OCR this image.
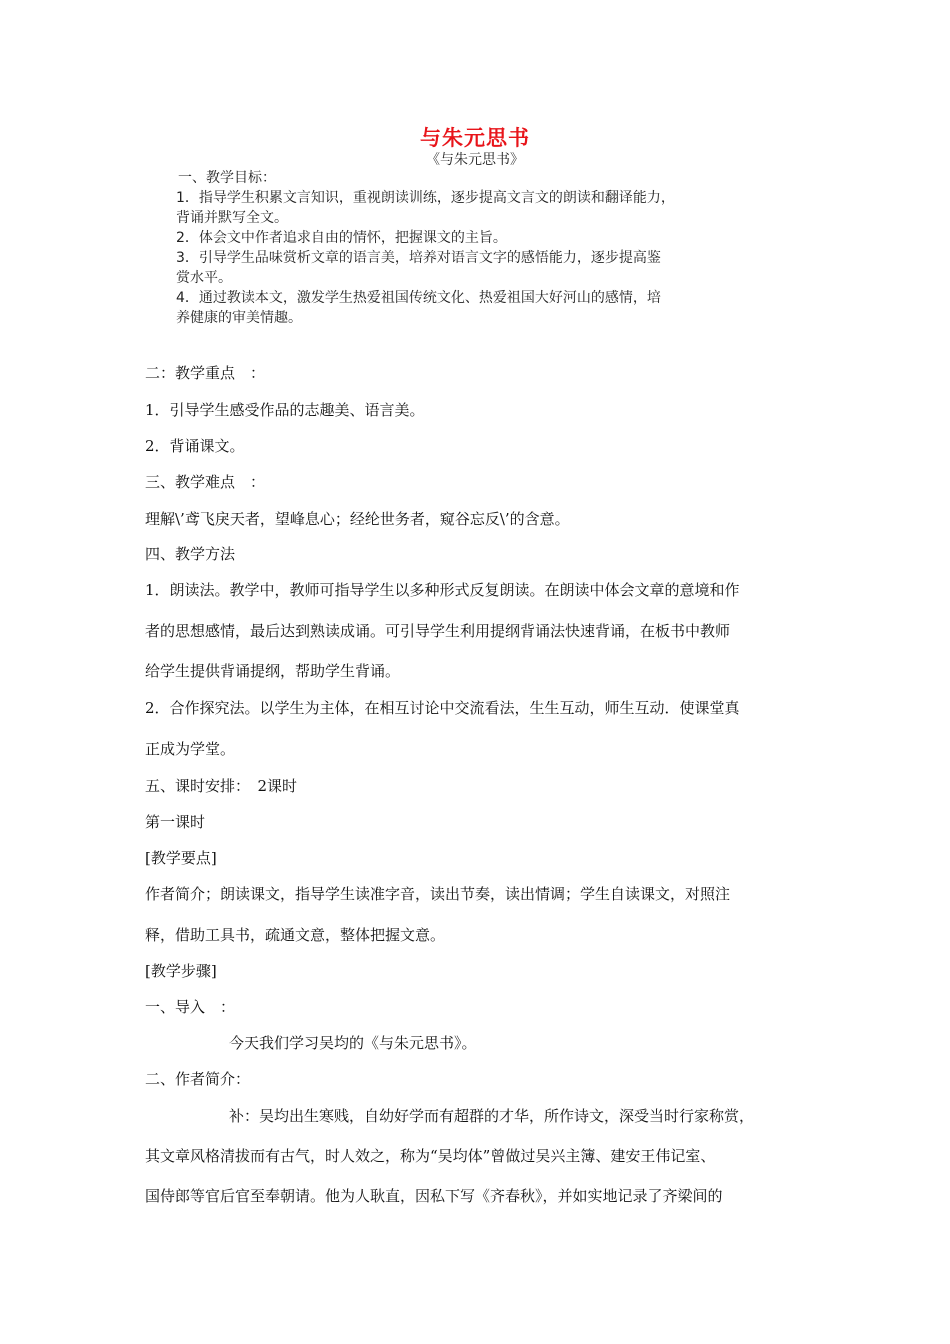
与朱元思书
《与朱元思书》
一、教学目标：
1．指导学生积累文言知识，重视朗读训练，逐步提高文言文的朗读和翻译能力，
背诵并默写全文。
2．体会文中作者追求自由的情怀，把握课文的主旨。
3．引导学生品味赏析文章的语言美，培养对语言文字的感悟能力，逐步提高鉴
赏水平。
4．通过教读本文，激发学生热爱祖国传统文化、热爱祖国大好河山的感情，培
养健康的审美情趣。

二：教学重点　：

1．引导学生感受作品的志趣美、语言美。

2．背诵课文。

三、教学难点　：

理解\’鸢飞戾天者，望峰息心；经纶世务者，窥谷忘反\’的含意。

四、教学方法

1．朗读法。教学中，教师可指导学生以多种形式反复朗读。在朗读中体会文章的意境和作

者的思想感情，最后达到熟读成诵。可引导学生利用提纲背诵法快速背诵，在板书中教师

给学生提供背诵提纲，帮助学生背诵。

2．合作探究法。以学生为主体，在相互讨论中交流看法，生生互动，师生互动．使课堂真

正成为学堂。

五、课时安排：　2课时

第一课时

[教学要点]

作者简介；朗读课文，指导学生读准字音，读出节奏，读出情调；学生自读课文，对照注

释，借助工具书，疏通文意，整体把握文意。

[教学步骤]

一、导入　：

今天我们学习吴均的《与朱元思书》。

二、作者简介：

补：吴均出生寒贱，自幼好学而有超群的才华，所作诗文，深受当时行家称赏，

其文章风格清拔而有古气，时人效之，称为“吴均体”曾做过吴兴主簿、建安王伟记室、

国侍郎等官后官至奉朝请。他为人耿直，因私下写《齐春秋》，并如实地记录了齐梁间的
